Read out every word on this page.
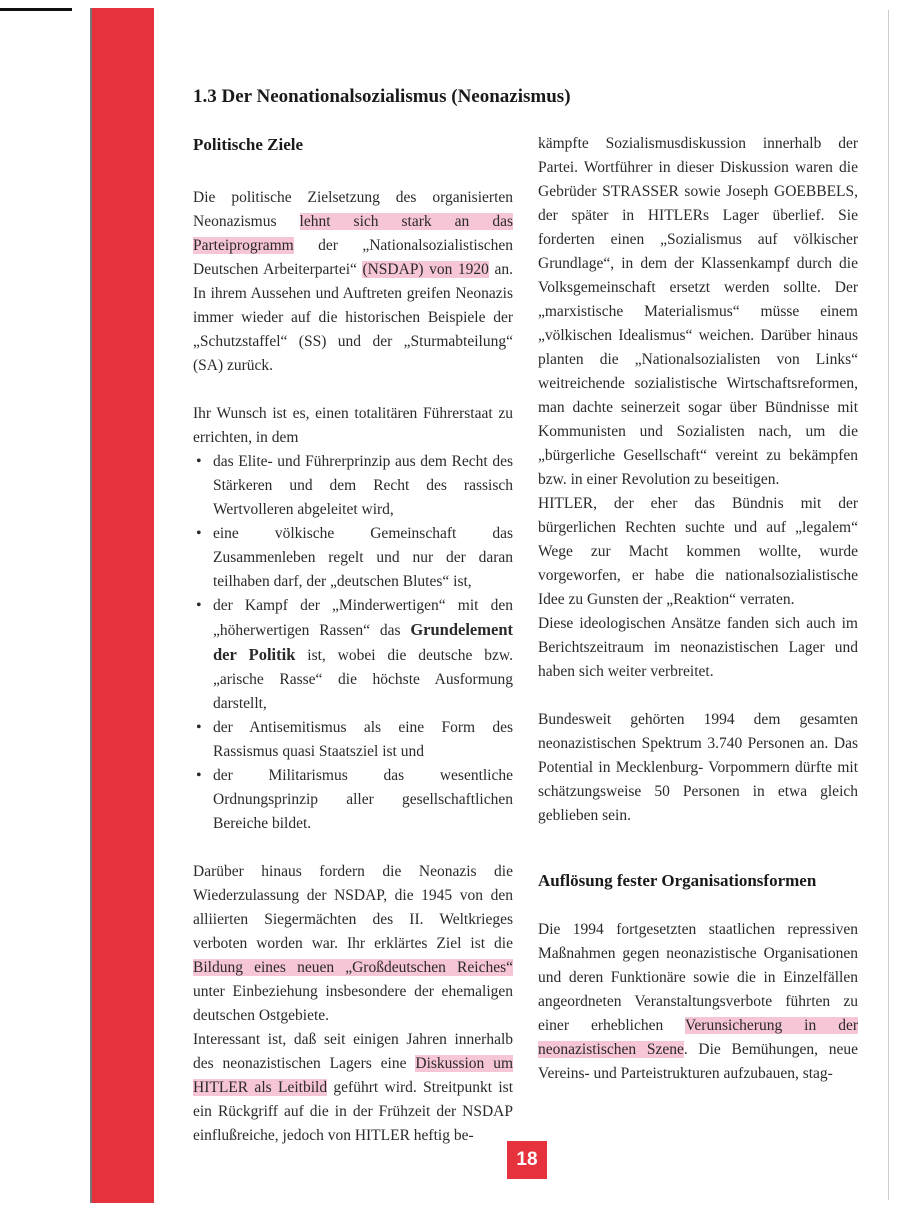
1.3 Der Neonationalsozialismus (Neonazismus)
Politische Ziele

Die politische Zielsetzung des organisierten Neonazismus lehnt sich stark an das Parteiprogramm der „Nationalsozialistischen Deutschen Arbeiterpartei“ (NSDAP) von 1920 an. In ihrem Aussehen und Auftreten greifen Neonazis immer wieder auf die historischen Beispiele der „Schutzstaffel“ (SS) und der „Sturmabteilung“ (SA) zurück.

Ihr Wunsch ist es, einen totalitären Führerstaat zu errichten, in dem

• das Elite- und Führerprinzip aus dem Recht des Stärkeren und dem Recht des rassisch Wertvolleren abgeleitet wird,
• eine völkische Gemeinschaft das Zusammenleben regelt und nur der daran teilhaben darf, der „deutschen Blutes“ ist,
• der Kampf der „Minderwertigen“ mit den „höherwertigen Rassen“ das Grundelement der Politik ist, wobei die deutsche bzw. „arische Rasse“ die höchste Ausformung darstellt,
• der Antisemitismus als eine Form des Rassismus quasi Staatsziel ist und
• der Militarismus das wesentliche Ordnungsprinzip aller gesellschaftlichen Bereiche bildet.

Darüber hinaus fordern die Neonazis die Wiederzulassung der NSDAP, die 1945 von den alliierten Siegermächten des II. Weltkrieges verboten worden war. Ihr erklärtes Ziel ist die Bildung eines neuen „Großdeutschen Reiches“ unter Einbeziehung insbesondere der ehemaligen deutschen Ostgebiete.

Interessant ist, daß seit einigen Jahren innerhalb des neonazistischen Lagers eine Diskussion um HITLER als Leitbild geführt wird. Streitpunkt ist ein Rückgriff auf die in der Frühzeit der NSDAP einflußreiche, jedoch von HITLER heftig be-

kämpfte Sozialismusdiskussion innerhalb der Partei. Wortführer in dieser Diskussion waren die Gebrüder STRASSER sowie Joseph GOEBBELS, der später in HITLERs Lager überlief. Sie forderten einen „Sozialismus auf völkischer Grundlage“, in dem der Klassenkampf durch die Volksgemeinschaft ersetzt werden sollte. Der „marxistische Materialismus“ müsse einem „völkischen Idealismus“ weichen. Darüber hinaus planten die „Nationalsozialisten von Links“ weitreichende sozialistische Wirtschaftsreformen, man dachte seinerzeit sogar über Bündnisse mit Kommunisten und Sozialisten nach, um die „bürgerliche Gesellschaft“ vereint zu bekämpfen bzw. in einer Revolution zu beseitigen.

HITLER, der eher das Bündnis mit der bürgerlichen Rechten suchte und auf „legalem“ Wege zur Macht kommen wollte, wurde vorgeworfen, er habe die nationalsozialistische Idee zu Gunsten der „Reaktion“ verraten.

Diese ideologischen Ansätze fanden sich auch im Berichtszeitraum im neonazistischen Lager und haben sich weiter verbreitet.

Bundesweit gehörten 1994 dem gesamten neonazistischen Spektrum 3.740 Personen an. Das Potential in Mecklenburg- Vorpommern dürfte mit schätzungsweise 50 Personen in etwa gleich geblieben sein.

Auflösung fester Organisationsformen

Die 1994 fortgesetzten staatlichen repressiven Maßnahmen gegen neonazistische Organisationen und deren Funktionäre sowie die in Einzelfällen angeordneten Veranstaltungsverbote führten zu einer erheblichen Verunsicherung in der neonazistischen Szene. Die Bemühungen, neue Vereins- und Parteistrukturen aufzubauen, stag-

18
